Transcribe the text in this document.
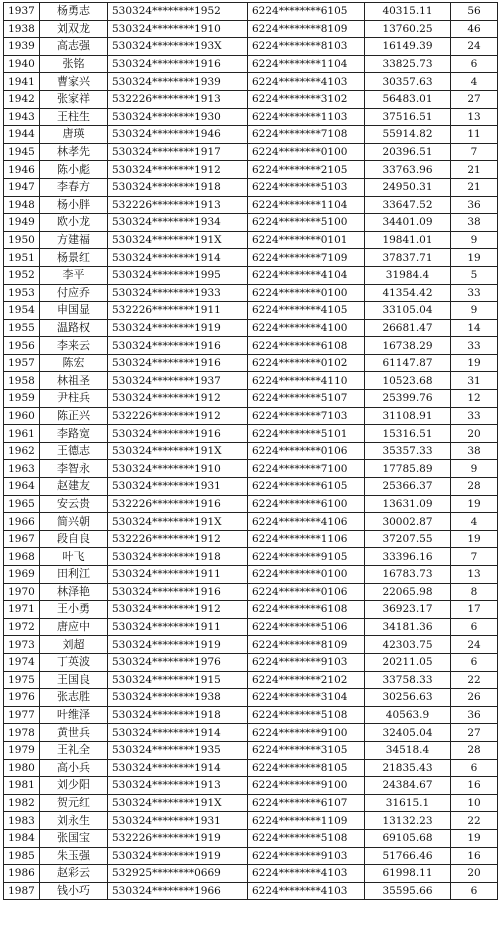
1937	杨勇志	530324********1952	6224********6105	40315.11	56
1938	刘双龙	530324********1910	6224********8109	13760.25	46
1939	高志强	530324********193X	6224********8103	16149.39	24
1940	张铭	530324********1916	6224********1104	33825.73	6
1941	曹家兴	530324********1939	6224********4103	30357.63	4
1942	张家祥	532226********1913	6224********3102	56483.01	27
1943	王柱生	530324********1930	6224********1103	37516.51	13
1944	唐瑛	530324********1946	6224********7108	55914.82	11
1945	林孝先	530324********1917	6224********0100	20396.51	7
1946	陈小彪	530324********1912	6224********2105	33763.96	21
1947	李春方	530324********1918	6224********5103	24950.31	21
1948	杨小胖	532226********1913	6224********1104	33647.52	36
1949	欧小龙	530324********1934	6224********5100	34401.09	38
1950	方建福	530324********191X	6224********0101	19841.01	9
1951	杨景红	530324********1914	6224********7109	37837.71	19
1952	李平	530324********1995	6224********4104	31984.4	5
1953	付应乔	530324********1933	6224********0100	41354.42	33
1954	申国显	532226********1911	6224********4105	33105.04	9
1955	温路权	530324********1919	6224********4100	26681.47	14
1956	李来云	530324********1916	6224********6108	16738.29	33
1957	陈宏	530324********1916	6224********0102	61147.87	19
1958	林祖圣	530324********1937	6224********4110	10523.68	31
1959	尹柱兵	530324********1912	6224********5107	25399.76	12
1960	陈正兴	532226********1912	6224********7103	31108.91	33
1961	李路宽	530324********1916	6224********5101	15316.51	20
1962	王德志	530324********191X	6224********0106	35357.33	38
1963	李智永	530324********1910	6224********7100	17785.89	9
1964	赵建友	530324********1931	6224********6105	25366.37	28
1965	安云贵	532226********1916	6224********6100	13631.09	19
1966	简兴朝	530324********191X	6224********4106	30002.87	4
1967	段自良	532226********1912	6224********1106	37207.55	19
1968	叶飞	530324********1918	6224********9105	33396.16	7
1969	田利江	530324********1911	6224********0100	16783.73	13
1970	林泽艳	530324********1916	6224********0106	22065.98	8
1971	王小勇	530324********1912	6224********6108	36923.17	17
1972	唐应中	530324********1911	6224********5106	34181.36	6
1973	刘超	530324********1919	6224********8109	42303.75	24
1974	丁英波	530324********1976	6224********9103	20211.05	6
1975	王国良	530324********1915	6224********2102	33758.33	22
1976	张志胜	530324********1938	6224********3104	30256.63	26
1977	叶维泽	530324********1918	6224********5108	40563.9	36
1978	黄世兵	530324********1914	6224********9100	32405.04	27
1979	王礼全	530324********1935	6224********3105	34518.4	28
1980	高小兵	530324********1914	6224********8105	21835.43	6
1981	刘少阳	530324********1913	6224********9100	24384.67	16
1982	贺元红	530324********191X	6224********6107	31615.1	10
1983	刘永生	530324********1931	6224********1109	13132.23	22
1984	张国宝	532226********1919	6224********5108	69105.68	19
1985	朱玉强	530324********1919	6224********9103	51766.46	16
1986	赵彩云	532925********0669	6224********4103	61998.11	20
1987	钱小巧	530324********1966	6224********4103	35595.66	6
